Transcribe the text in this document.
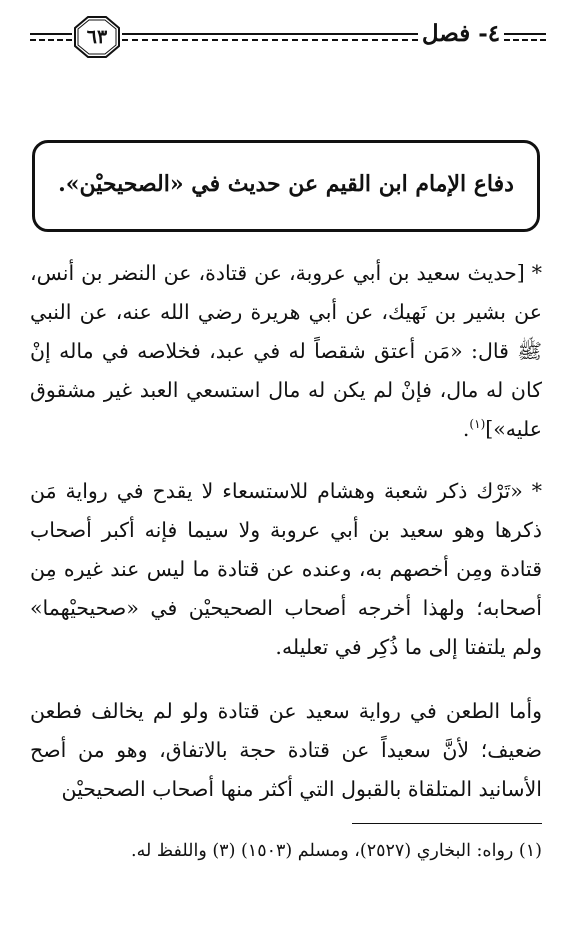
٦٣	٤- فصل
دفاع الإمام ابن القيم عن حديث في «الصحيحيْن».

* [حديث سعيد بن أبي عروبة، عن قتادة، عن النضر بن أنس، عن بشير بن نَهيك، عن أبي هريرة رضي الله عنه، عن النبي ﷺ قال: «مَن أعتق شقصاً له في عبد، فخلاصه في ماله إنْ كان له مال، فإنْ لم يكن له مال استسعي العبد غير مشقوق عليه»]$^{(١)}$.

* «تَرْك ذكر شعبة وهشام للاستسعاء لا يقدح في رواية مَن ذكرها وهو سعيد بن أبي عروبة ولا سيما فإنه أكبر أصحاب قتادة ومِن أخصهم به، وعنده عن قتادة ما ليس عند غيره مِن أصحابه؛ ولهذا أخرجه أصحاب الصحيحيْن في «صحيحيْهما» ولم يلتفتا إلى ما ذُكِر في تعليله.

وأما الطعن في رواية سعيد عن قتادة ولو لم يخالف فطعن ضعيف؛ لأنَّ سعيداً عن قتادة حجة بالاتفاق، وهو من أصح الأسانيد المتلقاة بالقبول التي أكثر منها أصحاب الصحيحيْن

(١) رواه: البخاري (٢٥٢٧)، ومسلم (١٥٠٣) (٣) واللفظ له.
